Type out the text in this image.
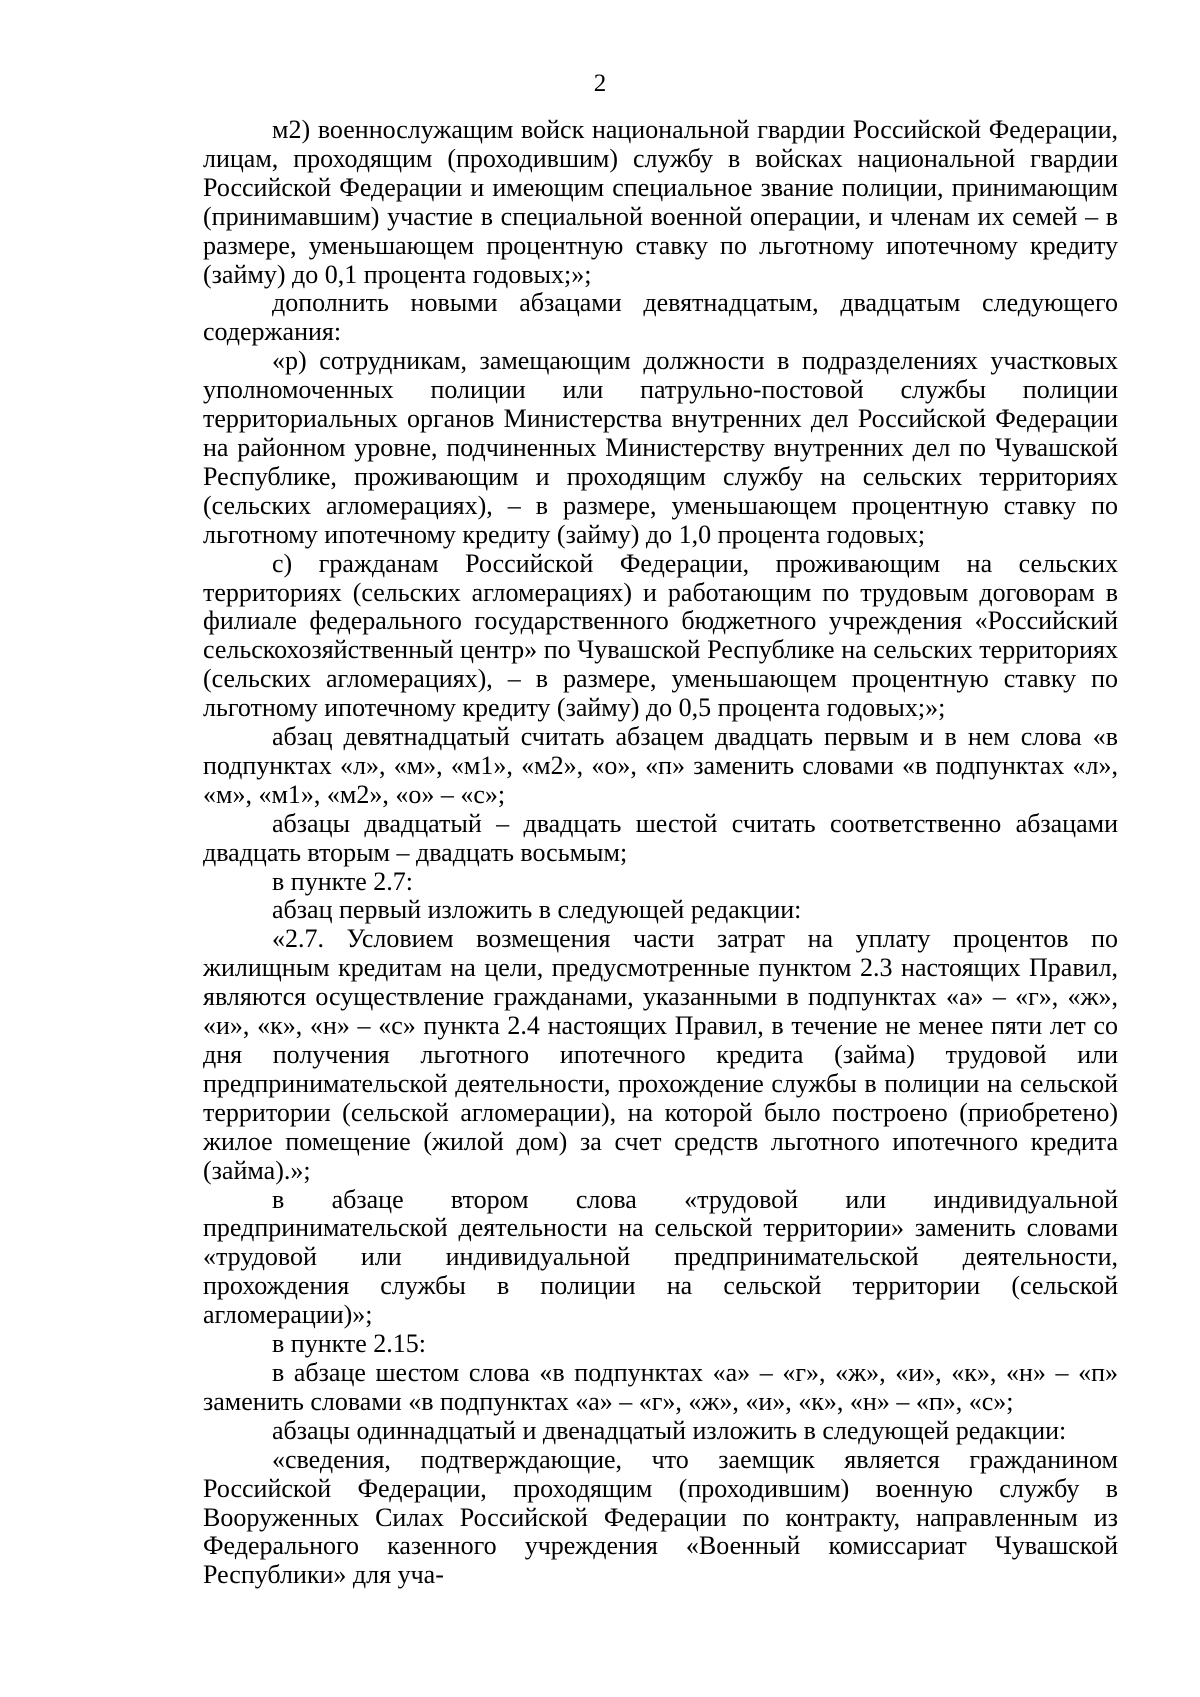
2

м2) военнослужащим войск национальной гвардии Российской Федерации, лицам, проходящим (проходившим) службу в войсках национальной гвардии Российской Федерации и имеющим специальное звание полиции, принимающим (принимавшим) участие в специальной военной операции, и членам их семей – в размере, уменьшающем процентную ставку по льготному ипотечному кредиту (займу) до 0,1 процента годовых;»;

дополнить новыми абзацами девятнадцатым, двадцатым следующего содержания:

«р) сотрудникам, замещающим должности в подразделениях участковых уполномоченных полиции или патрульно-постовой службы полиции территориальных органов Министерства внутренних дел Российской Федерации на районном уровне, подчиненных Министерству внутренних дел по Чувашской Республике, проживающим и проходящим службу на сельских территориях (сельских агломерациях), – в размере, уменьшающем процентную ставку по льготному ипотечному кредиту (займу) до 1,0 процента годовых;

с) гражданам Российской Федерации, проживающим на сельских территориях (сельских агломерациях) и работающим по трудовым договорам в филиале федерального государственного бюджетного учреждения «Российский сельскохозяйственный центр» по Чувашской Республике на сельских территориях (сельских агломерациях), – в размере, уменьшающем процентную ставку по льготному ипотечному кредиту (займу) до 0,5 процента годовых;»;

абзац девятнадцатый считать абзацем двадцать первым и в нем слова «в подпунктах «л», «м», «м1», «м2», «о», «п» заменить словами «в подпунктах «л», «м», «м1», «м2», «о» – «с»;

абзацы двадцатый – двадцать шестой считать соответственно абзацами двадцать вторым – двадцать восьмым;

в пункте 2.7:

абзац первый изложить в следующей редакции:

«2.7. Условием возмещения части затрат на уплату процентов по жилищным кредитам на цели, предусмотренные пунктом 2.3 настоящих Правил, являются осуществление гражданами, указанными в подпунктах «а» – «г», «ж», «и», «к», «н» – «с» пункта 2.4 настоящих Правил, в течение не менее пяти лет со дня получения льготного ипотечного кредита (займа) трудовой или предпринимательской деятельности, прохождение службы в полиции на сельской территории (сельской агломерации), на которой было построено (приобретено) жилое помещение (жилой дом) за счет средств льготного ипотечного кредита (займа).»;

в абзаце втором слова «трудовой или индивидуальной предпринимательской деятельности на сельской территории» заменить словами «трудовой или индивидуальной предпринимательской деятельности, прохождения службы в полиции на сельской территории (сельской агломерации)»;

в пункте 2.15:

в абзаце шестом слова «в подпунктах «а» – «г», «ж», «и», «к», «н» – «п» заменить словами «в подпунктах «а» – «г», «ж», «и», «к», «н» – «п», «с»;

абзацы одиннадцатый и двенадцатый изложить в следующей редакции:

«сведения, подтверждающие, что заемщик является гражданином Российской Федерации, проходящим (проходившим) военную службу в Вооруженных Силах Российской Федерации по контракту, направленным из Федерального казенного учреждения «Военный комиссариат Чувашской Республики» для уча-
